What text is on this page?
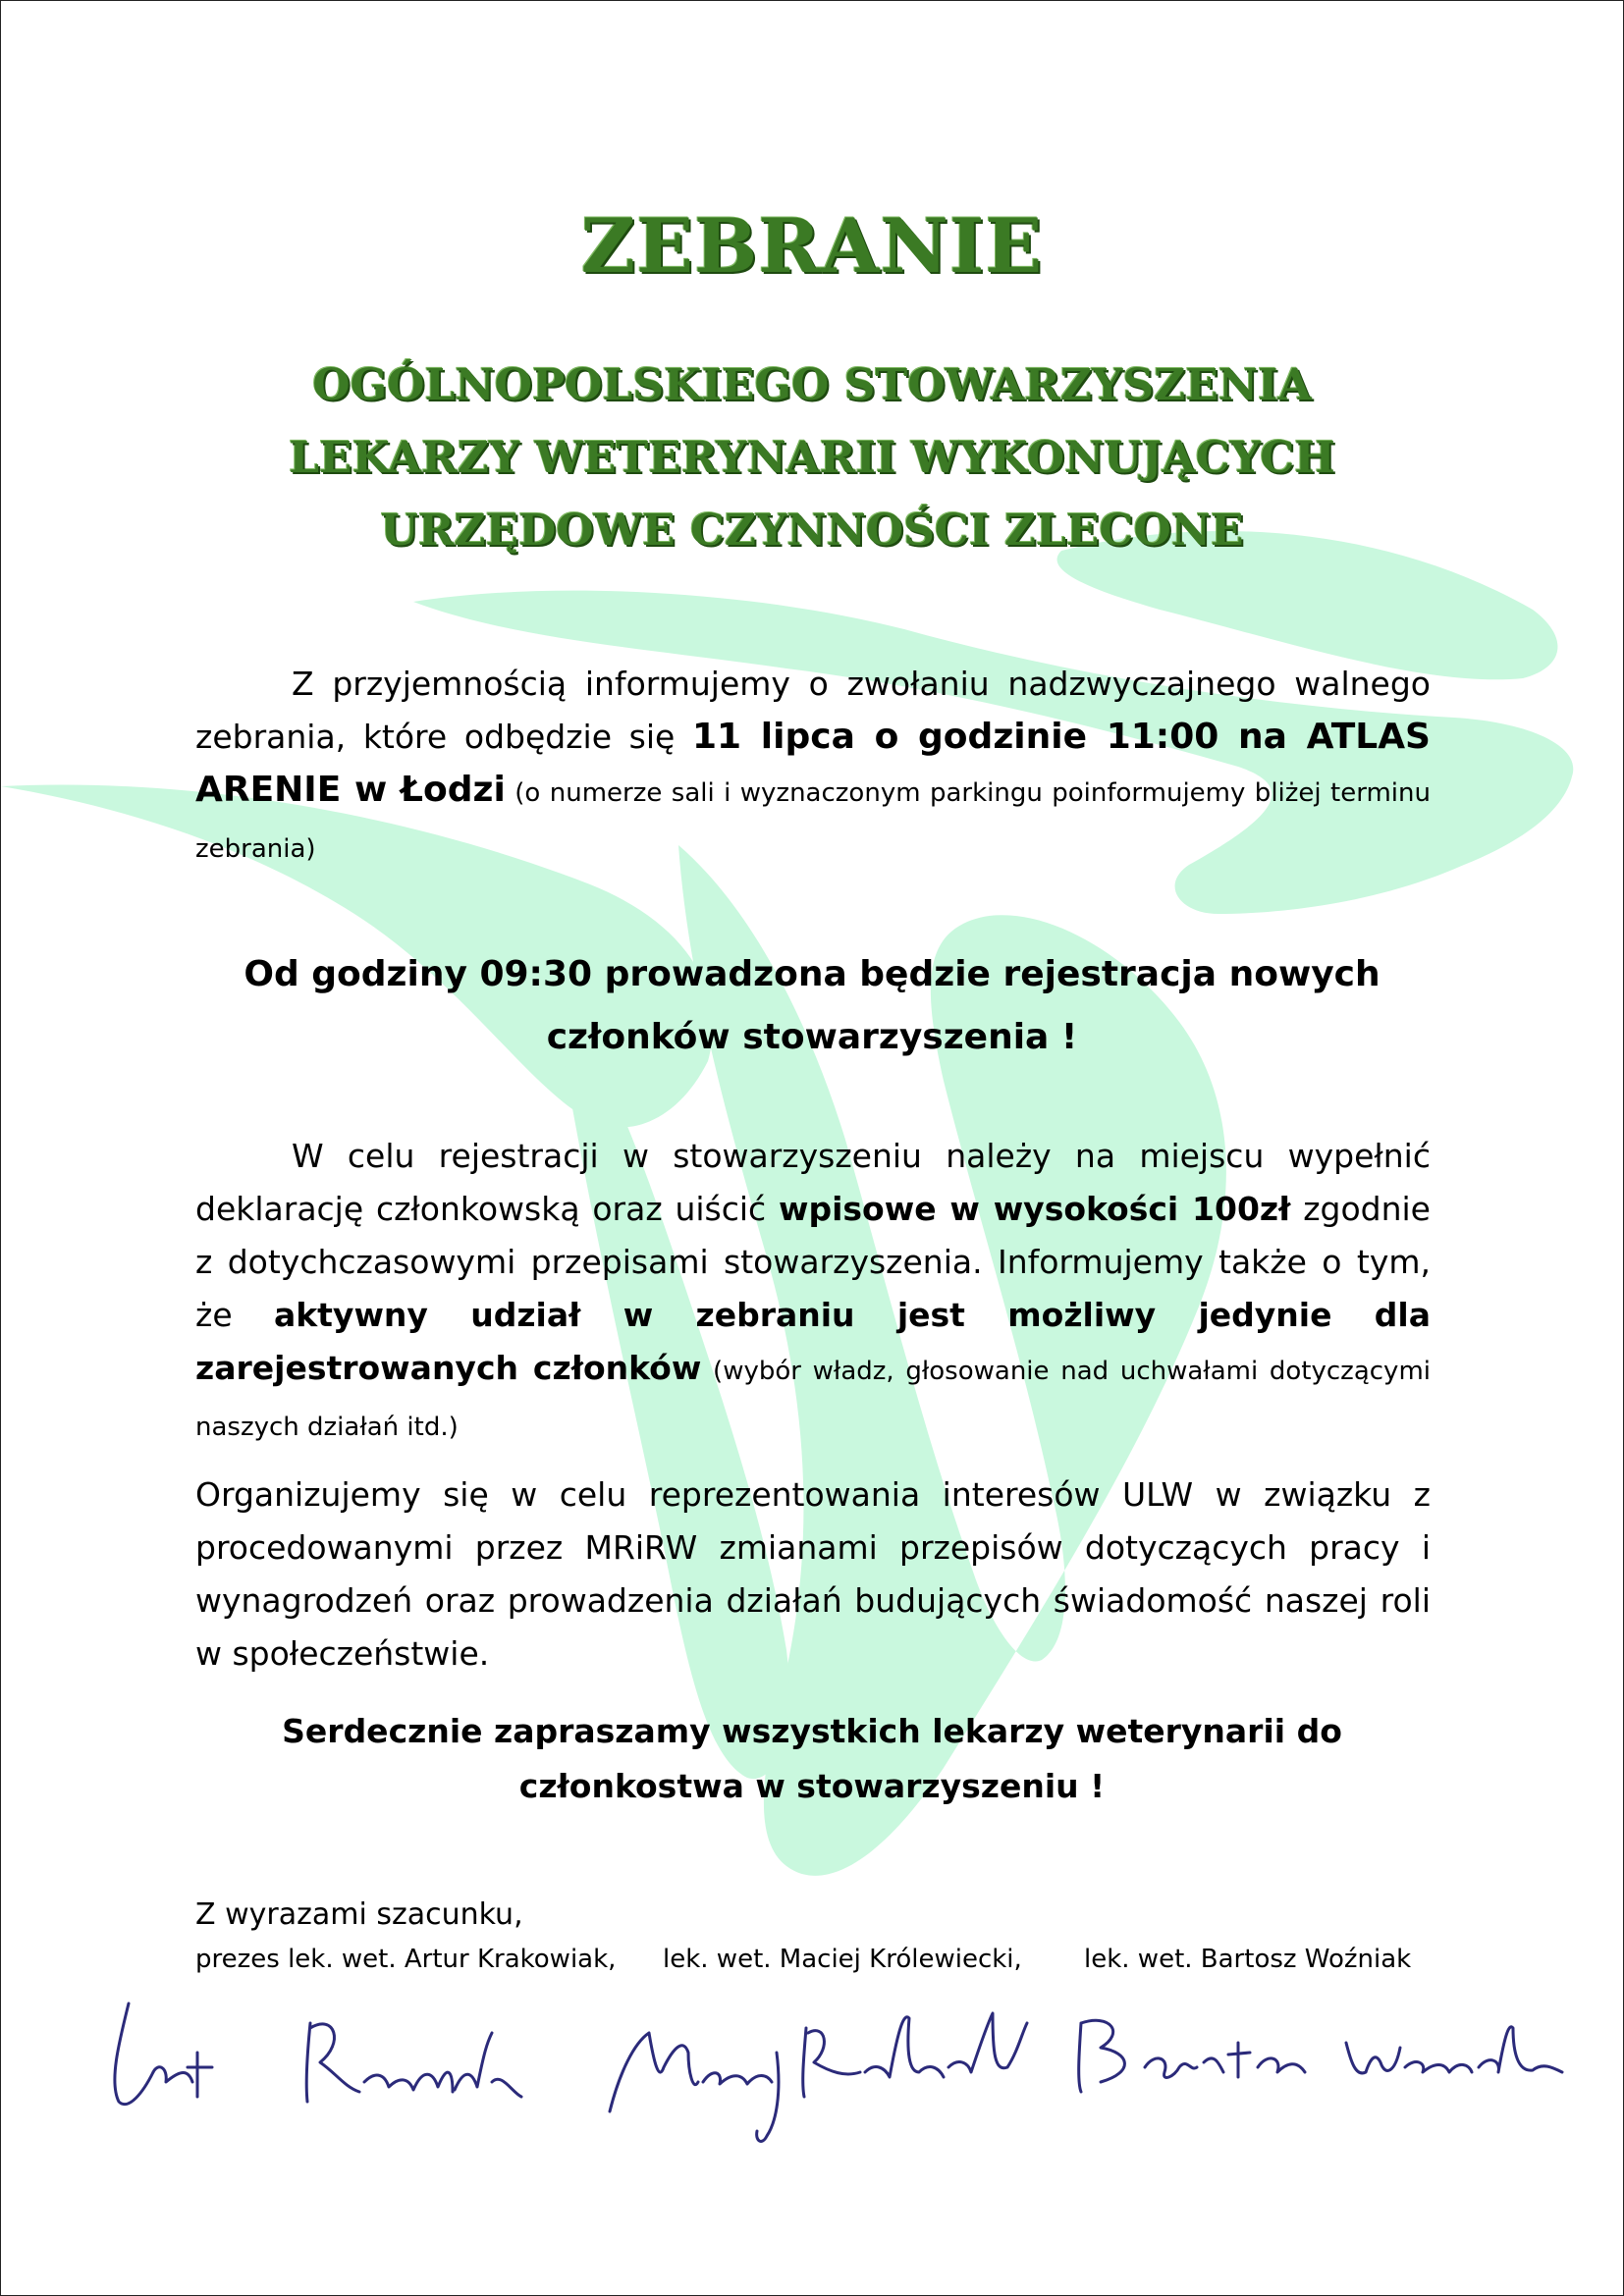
ZEBRANIE
OGÓLNOPOLSKIEGO STOWARZYSZENIA
LEKARZY WETERYNARII WYKONUJĄCYCH
URZĘDOWE CZYNNOŚCI ZLECONE
Z przyjemnością informujemy o zwołaniu nadzwyczajnego walnego zebrania, które odbędzie się 11 lipca o godzinie 11:00 na ATLAS ARENIE w Łodzi (o numerze sali i wyznaczonym parkingu poinformujemy bliżej terminu zebrania)
Od godziny 09:30 prowadzona będzie rejestracja nowych
członków stowarzyszenia !
W celu rejestracji w stowarzyszeniu należy na miejscu wypełnić deklarację członkowską oraz uiścić wpisowe w wysokości 100zł zgodnie z dotychczasowymi przepisami stowarzyszenia. Informujemy także o tym, że aktywny udział w zebraniu jest możliwy jedynie dla zarejestrowanych członków (wybór władz, głosowanie nad uchwałami dotyczącymi naszych działań itd.)
Organizujemy się w celu reprezentowania interesów ULW w związku z procedowanymi przez MRiRW zmianami przepisów dotyczących pracy i wynagrodzeń oraz prowadzenia działań budujących świadomość naszej roli w społeczeństwie.
Serdecznie zapraszamy wszystkich lekarzy weterynarii do
członkostwa w stowarzyszeniu !
Z wyrazami szacunku,
prezes lek. wet. Artur Krakowiak, lek. wet. Maciej Królewiecki, lek. wet. Bartosz Woźniak
